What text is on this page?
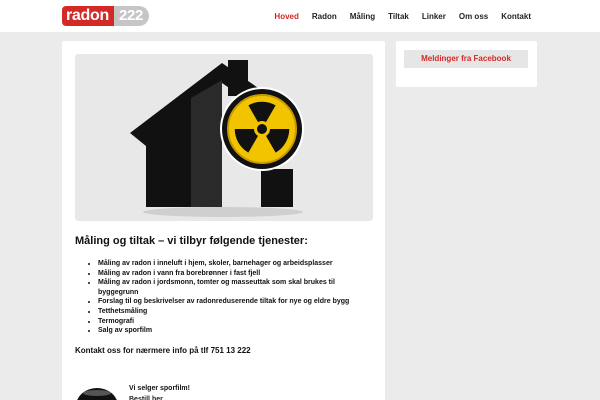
radon 222	Hoved Radon Måling Tiltak Linker Om oss Kontakt
Måling og tiltak – vi tilbyr følgende tjenester:
• Måling av radon i inneluft i hjem, skoler, barnehager og arbeidsplasser
• Måling av radon i vann fra borebrønner i fast fjell
• Måling av radon i jordsmonn, tomter og masseuttak som skal brukes til byggegrunn
• Forslag til og beskrivelser av radonreduserende tiltak for nye og eldre bygg
• Tetthetsmåling
• Termografi
• Salg av sporfilm

Kontakt oss for nærmere info på tlf 751 13 222

Vi selger sporfilm!
Bestill her
Meldinger fra Facebook
